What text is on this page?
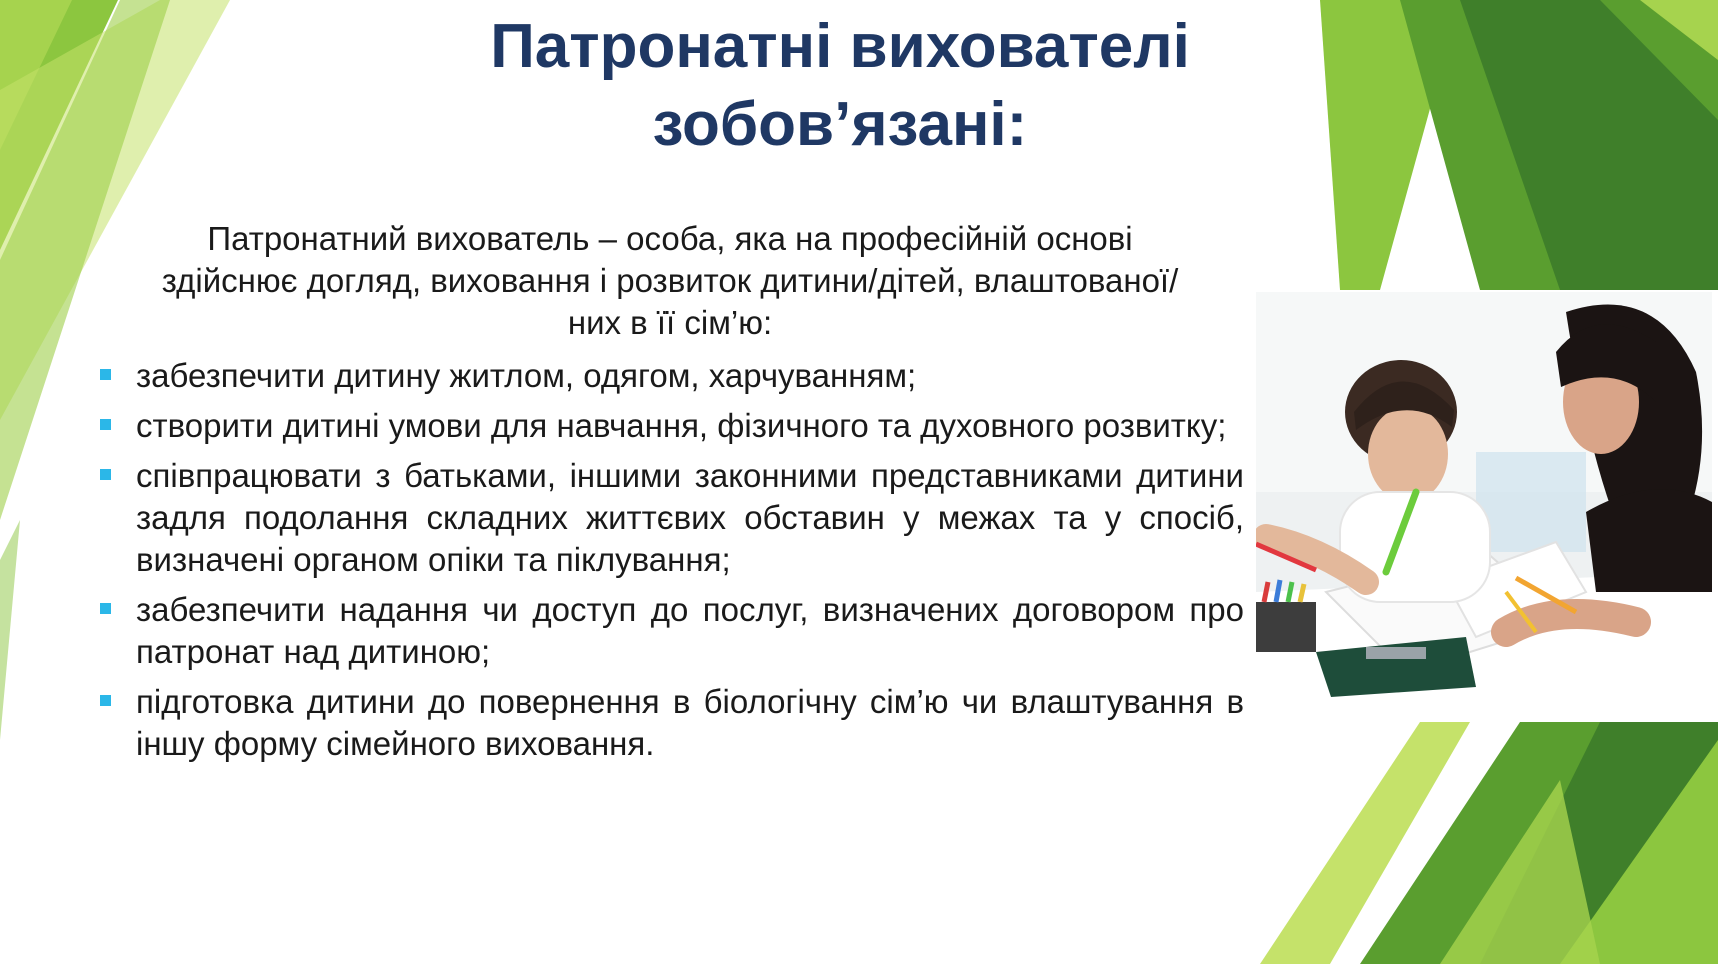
Патронатні вихователі
зобов’язані:

Патронатний вихователь – особа, яка на професійній основі здійснює догляд, виховання і розвиток дитини/дітей, влаштованої/них в її сім’ю:

забезпечити дитину житлом, одягом, харчуванням;
створити дитині умови для навчання, фізичного та духовного розвитку;
співпрацювати з батьками, іншими законними представниками дитини задля подолання складних життєвих обставин у межах та у спосіб, визначені органом опіки та піклування;
забезпечити надання чи доступ до послуг, визначених договором про патронат над дитиною;
підготовка дитини до повернення в біологічну сім’ю чи влаштування в іншу форму сімейного виховання.
